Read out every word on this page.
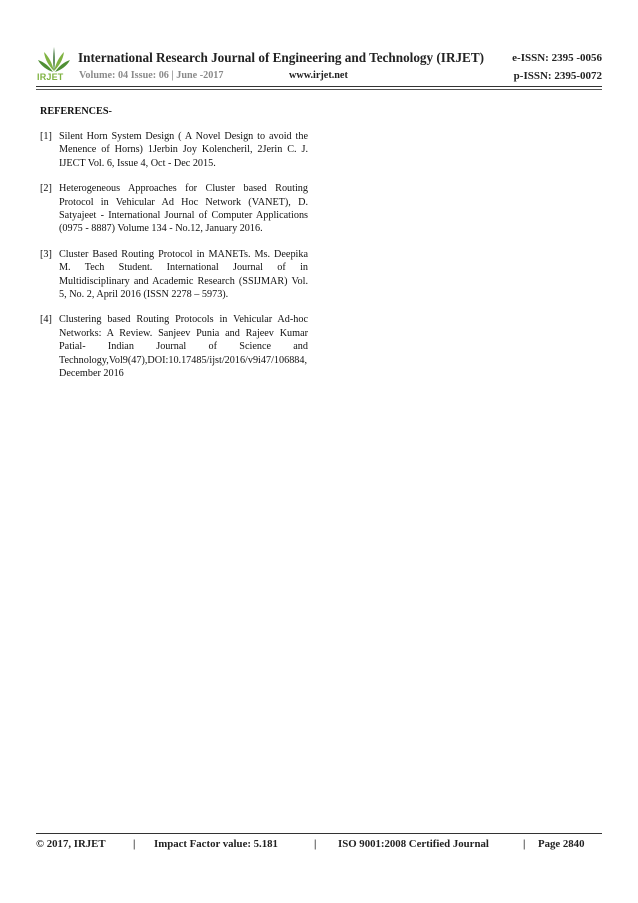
IRJET
International Research Journal of Engineering and Technology (IRJET)	e-ISSN: 2395 -0056
Volume: 04 Issue: 06 | June -2017	www.irjet.net	p-ISSN: 2395-0072
REFERENCES-
[1] Silent Horn System Design ( A Novel Design to avoid the Menence of Horns) 1Jerbin Joy Kolencheril, 2Jerin C. J. IJECT Vol. 6, Issue 4, Oct - Dec 2015.
[2] Heterogeneous Approaches for Cluster based Routing Protocol in Vehicular Ad Hoc Network (VANET), D. Satyajeet - International Journal of Computer Applications (0975 - 8887) Volume 134 - No.12, January 2016.
[3] Cluster Based Routing Protocol in MANETs. Ms. Deepika M. Tech Student. International Journal of in Multidisciplinary and Academic Research (SSIJMAR) Vol. 5, No. 2, April 2016 (ISSN 2278 – 5973).
[4] Clustering based Routing Protocols in Vehicular Ad-hoc Networks: A Review. Sanjeev Punia and Rajeev Kumar Patial- Indian Journal of Science and Technology,Vol9(47),DOI:10.17485/ijst/2016/v9i47/106884, December 2016
© 2017, IRJET	| Impact Factor value: 5.181	| ISO 9001:2008 Certified Journal	| Page 2840
